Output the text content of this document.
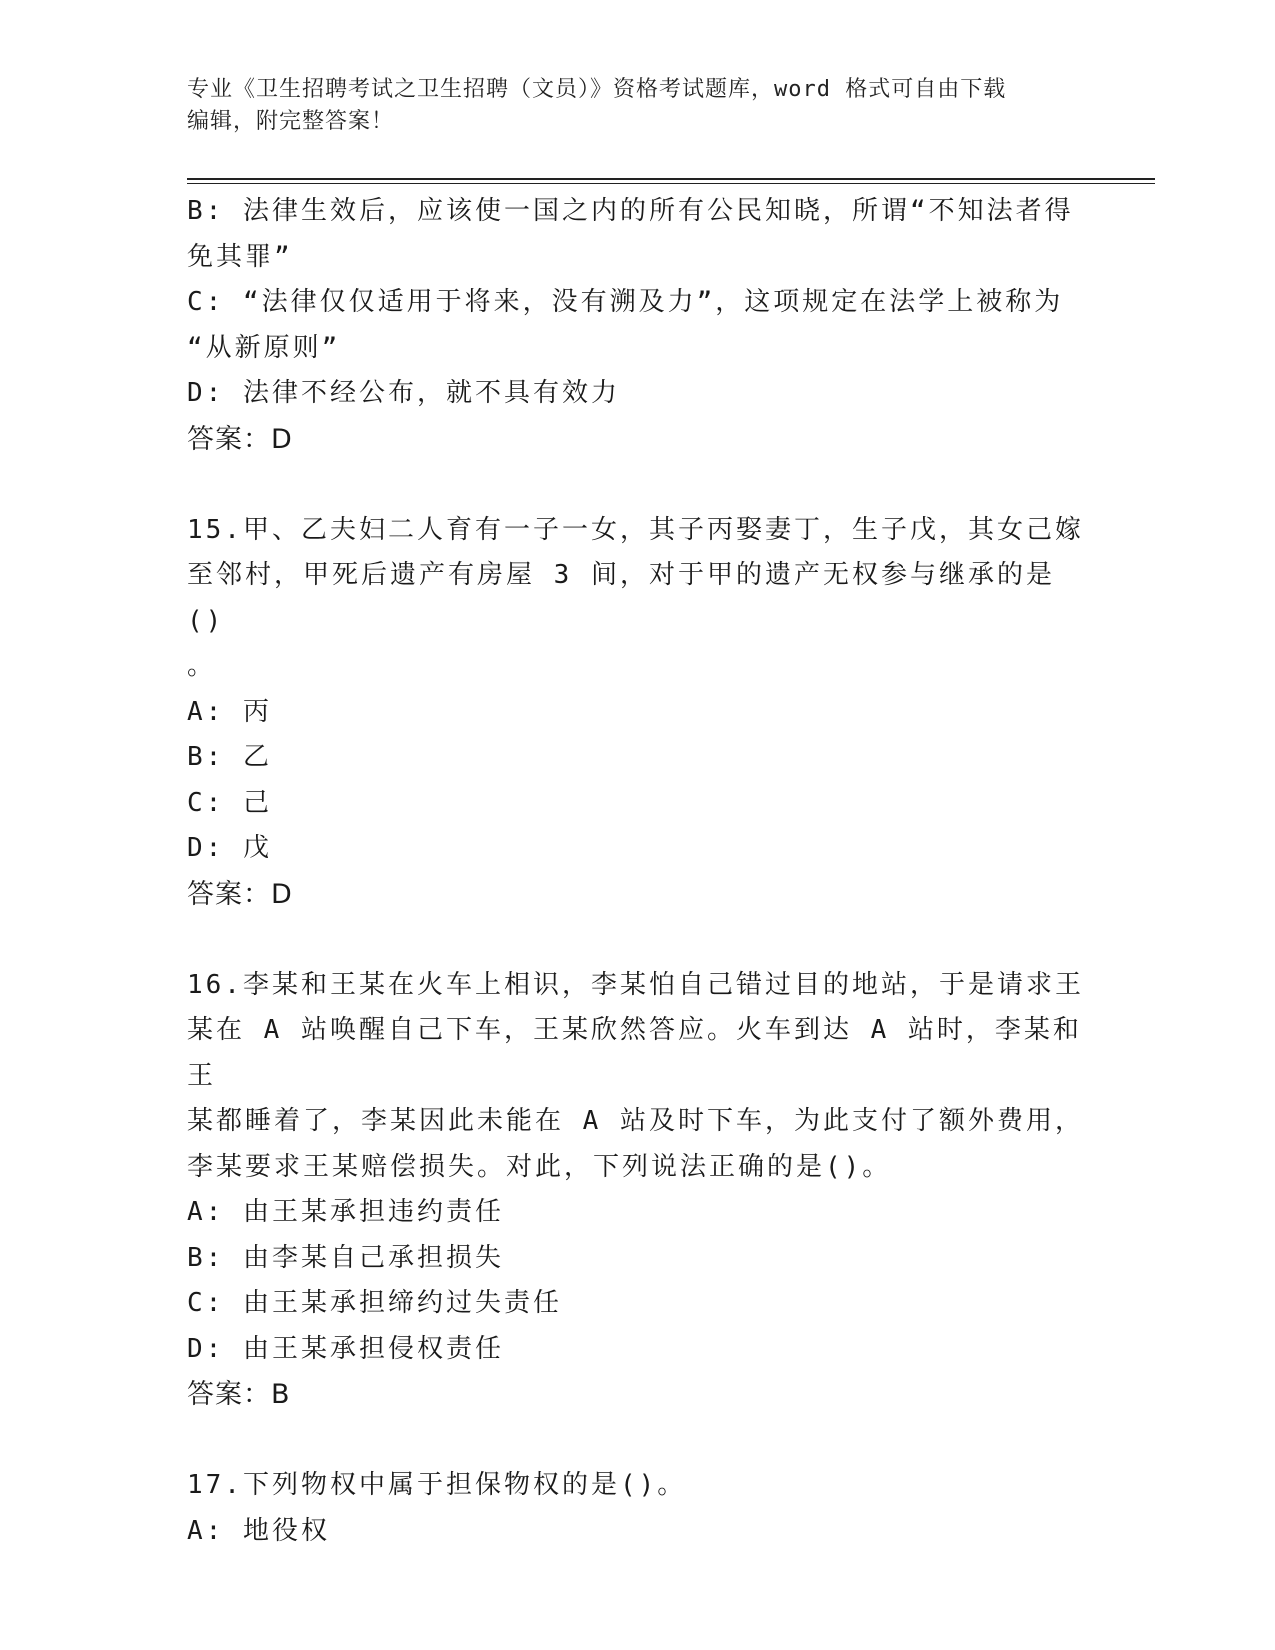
专业《卫生招聘考试之卫生招聘（文员）》资格考试题库，word 格式可自由下载
编辑，附完整答案！

B: 法律生效后，应该使一国之内的所有公民知晓，所谓“不知法者得

免其罪”

C: “法律仅仅适用于将来，没有溯及力”，这项规定在法学上被称为

“从新原则”

D: 法律不经公布，就不具有效力

答案：D

15.甲、乙夫妇二人育有一子一女，其子丙娶妻丁，生子戊，其女己嫁

至邻村，甲死后遗产有房屋 3 间，对于甲的遗产无权参与继承的是()

。

A: 丙

B: 乙

C: 己

D: 戊

答案：D

16.李某和王某在火车上相识，李某怕自己错过目的地站，于是请求王

某在 A 站唤醒自己下车，王某欣然答应。火车到达 A 站时，李某和王

某都睡着了，李某因此未能在 A 站及时下车，为此支付了额外费用，

李某要求王某赔偿损失。对此，下列说法正确的是()。

A: 由王某承担违约责任

B: 由李某自己承担损失

C: 由王某承担缔约过失责任

D: 由王某承担侵权责任

答案：B

17.下列物权中属于担保物权的是()。

A: 地役权
